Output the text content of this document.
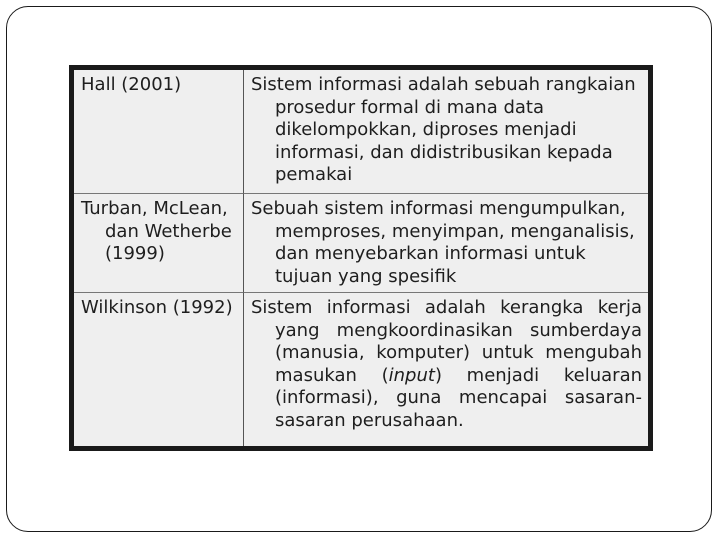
Hall (2001)	Sistem informasi adalah sebuah rangkaian prosedur formal di mana data dikelompokkan, diproses menjadi informasi, dan didistribusikan kepada pemakai
Turban, McLean, dan Wetherbe (1999)
Sebuah sistem informasi mengumpulkan, memproses, menyimpan, menganalisis, dan menyebarkan informasi untuk tujuan yang spesifik
Wilkinson (1992)	Sistem informasi adalah kerangka kerja yang mengkoordinasikan sumberdaya (manusia, komputer) untuk mengubah masukan (input) menjadi keluaran (informasi), guna mencapai sasaran-sasaran perusahaan.
